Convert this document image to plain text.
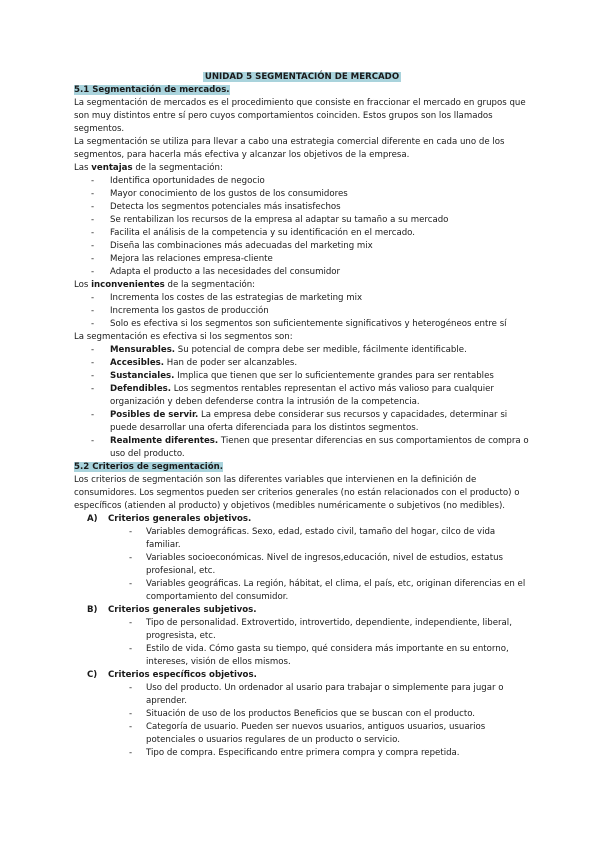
UNIDAD 5 SEGMENTACIÓN DE MERCADO
5.1 Segmentación de mercados.

La segmentación de mercados es el procedimiento que consiste en fraccionar el mercado en grupos que son muy distintos entre sí pero cuyos comportamientos coinciden. Estos grupos son los llamados segmentos.

La segmentación se utiliza para llevar a cabo una estrategia comercial diferente en cada uno de los segmentos, para hacerla más efectiva y alcanzar los objetivos de la empresa.

Las ventajas de la segmentación:

- Identifica oportunidades de negocio
- Mayor conocimiento de los gustos de los consumidores
- Detecta los segmentos potenciales más insatisfechos
- Se rentabilizan los recursos de la empresa al adaptar su tamaño a su mercado
- Facilita el análisis de la competencia y su identificación en el mercado.
- Diseña las combinaciones más adecuadas del marketing mix
- Mejora las relaciones empresa-cliente
- Adapta el producto a las necesidades del consumidor

Los inconvenientes de la segmentación:

- Incrementa los costes de las estrategias de marketing mix
- Incrementa los gastos de producción
- Solo es efectiva si los segmentos son suficientemente significativos y heterogéneos entre sí

La segmentación es efectiva si los segmentos son:

- Mensurables. Su potencial de compra debe ser medible, fácilmente identificable.
- Accesibles. Han de poder ser alcanzables.
- Sustanciales. Implica que tienen que ser lo suficientemente grandes para ser rentables
- Defendibles. Los segmentos rentables representan el activo más valioso para cualquier organización y deben defenderse contra la intrusión de la competencia.
- Posibles de servir. La empresa debe considerar sus recursos y capacidades, determinar si puede desarrollar una oferta diferenciada para los distintos segmentos.
- Realmente diferentes. Tienen que presentar diferencias en sus comportamientos de compra o uso del producto.
5.2 Criterios de segmentación.

Los criterios de segmentación son las diferentes variables que intervienen en la definición de consumidores. Los segmentos pueden ser criterios generales (no están relacionados con el producto) o específicos (atienden al producto) y objetivos (medibles numéricamente o subjetivos (no medibles).

A) Criterios generales objetivos.
- Variables demográficas. Sexo, edad, estado civil, tamaño del hogar, cilco de vida familiar.
- Variables socioeconómicas. Nivel de ingresos,educación, nivel de estudios, estatus profesional, etc.
- Variables geográficas. La región, hábitat, el clima, el país, etc, originan diferencias en el comportamiento del consumidor.
B) Criterios generales subjetivos.
- Tipo de personalidad. Extrovertido, introvertido, dependiente, independiente, liberal, progresista, etc.
- Estilo de vida. Cómo gasta su tiempo, qué considera más importante en su entorno, intereses, visión de ellos mismos.
C) Criterios específicos objetivos.
- Uso del producto. Un ordenador al usario para trabajar o simplemente para jugar o aprender.
- Situación de uso de los productos Beneficios que se buscan con el producto.
- Categoría de usuario. Pueden ser nuevos usuarios, antiguos usuarios, usuarios potenciales o usuarios regulares de un producto o servicio.
- Tipo de compra. Especificando entre primera compra y compra repetida.
